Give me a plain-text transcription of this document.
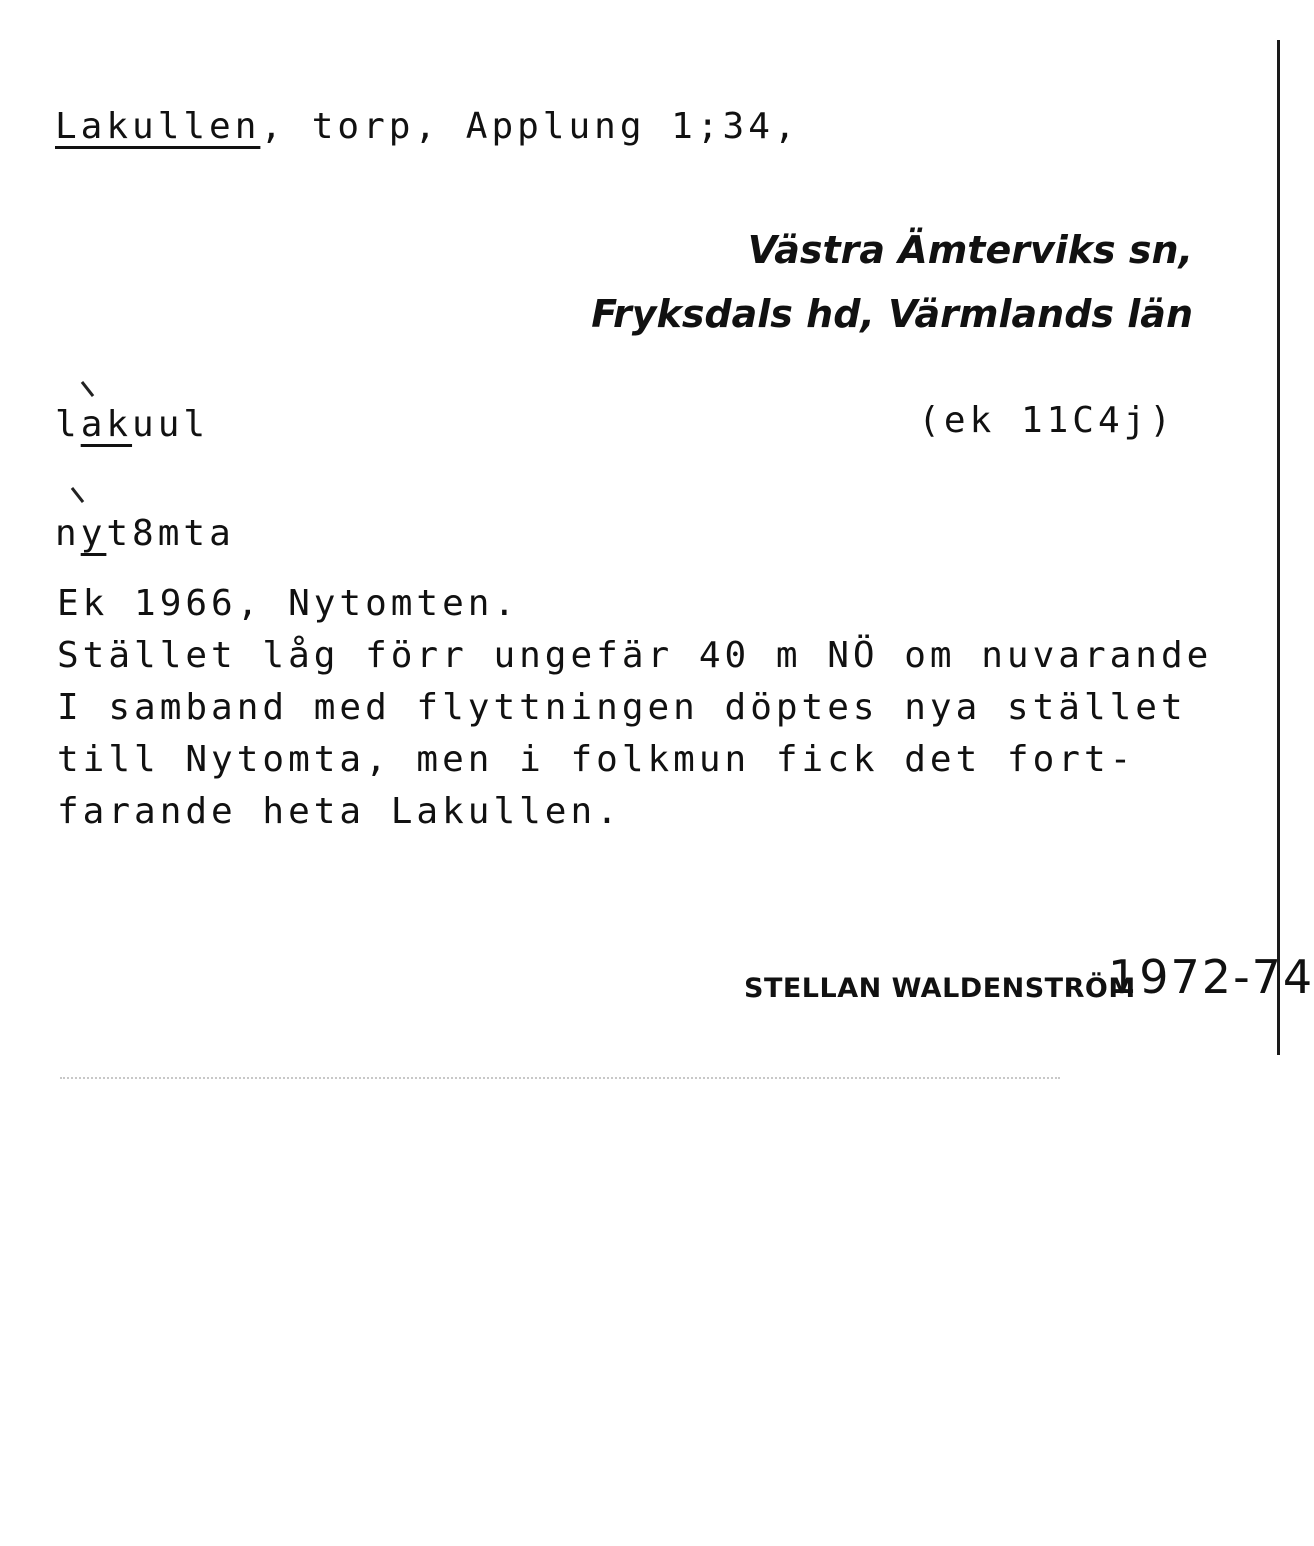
Lakullen, torp, Applung 1;34,
Västra Ämterviks sn,
Fryksdals hd, Värmlands län
lakuul	(ek 11C4j)
nyt8mta
Ek 1966, Nytomten.
Stället låg förr ungefär 40 m NÖ om nuvarande
I samband med flyttningen döptes nya stället
till Nytomta, men i folkmun fick det fort-
farande heta Lakullen.
STELLAN WALDENSTRÖM
1972-74
